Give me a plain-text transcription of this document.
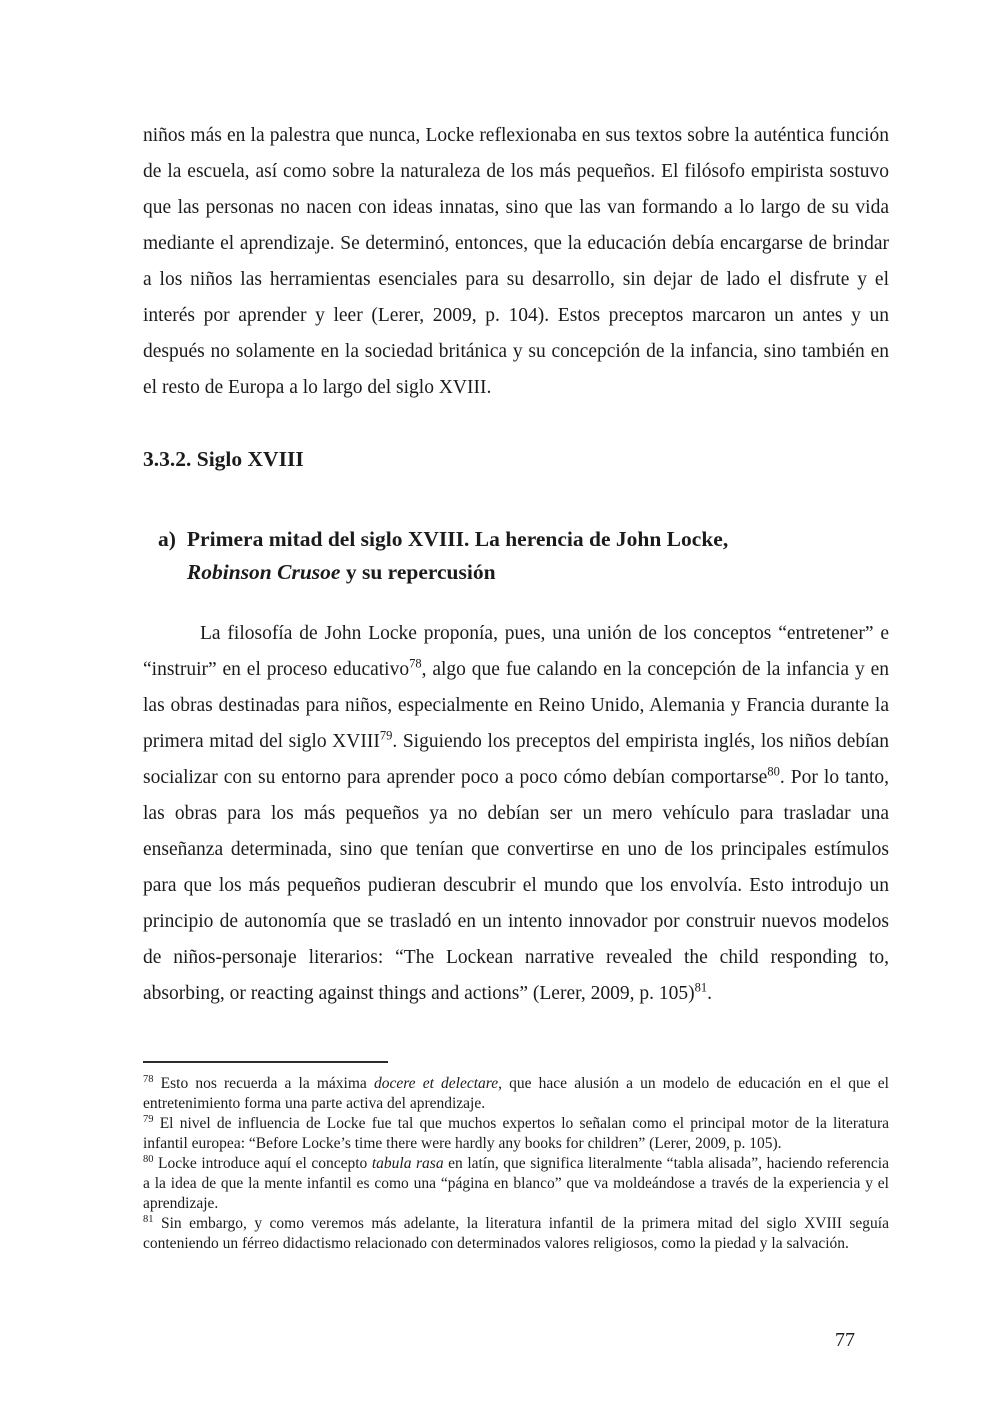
niños más en la palestra que nunca, Locke reflexionaba en sus textos sobre la auténtica función de la escuela, así como sobre la naturaleza de los más pequeños. El filósofo empirista sostuvo que las personas no nacen con ideas innatas, sino que las van formando a lo largo de su vida mediante el aprendizaje. Se determinó, entonces, que la educación debía encargarse de brindar a los niños las herramientas esenciales para su desarrollo, sin dejar de lado el disfrute y el interés por aprender y leer (Lerer, 2009, p. 104). Estos preceptos marcaron un antes y un después no solamente en la sociedad británica y su concepción de la infancia, sino también en el resto de Europa a lo largo del siglo XVIII.

3.3.2. Siglo XVIII
a) Primera mitad del siglo XVIII. La herencia de John Locke,
Robinson Crusoe y su repercusión

La filosofía de John Locke proponía, pues, una unión de los conceptos “entretener” e “instruir” en el proceso educativo$^{78}$, algo que fue calando en la concepción de la infancia y en las obras destinadas para niños, especialmente en Reino Unido, Alemania y Francia durante la primera mitad del siglo XVIII$^{79}$. Siguiendo los preceptos del empirista inglés, los niños debían socializar con su entorno para aprender poco a poco cómo debían comportarse$^{80}$. Por lo tanto, las obras para los más pequeños ya no debían ser un mero vehículo para trasladar una enseñanza determinada, sino que tenían que convertirse en uno de los principales estímulos para que los más pequeños pudieran descubrir el mundo que los envolvía. Esto introdujo un principio de autonomía que se trasladó en un intento innovador por construir nuevos modelos de niños-personaje literarios: “The Lockean narrative revealed the child responding to, absorbing, or reacting against things and actions” (Lerer, 2009, p. 105)$^{81}$.

$^{78}$ Esto nos recuerda a la máxima docere et delectare, que hace alusión a un modelo de educación en el que el entretenimiento forma una parte activa del aprendizaje.

$^{79}$ El nivel de influencia de Locke fue tal que muchos expertos lo señalan como el principal motor de la literatura infantil europea: “Before Locke’s time there were hardly any books for children” (Lerer, 2009, p. 105).

$^{80}$ Locke introduce aquí el concepto tabula rasa en latín, que significa literalmente “tabla alisada”, haciendo referencia a la idea de que la mente infantil es como una “página en blanco” que va moldeándose a través de la experiencia y el aprendizaje.

$^{81}$ Sin embargo, y como veremos más adelante, la literatura infantil de la primera mitad del siglo XVIII seguía conteniendo un férreo didactismo relacionado con determinados valores religiosos, como la piedad y la salvación.

77
